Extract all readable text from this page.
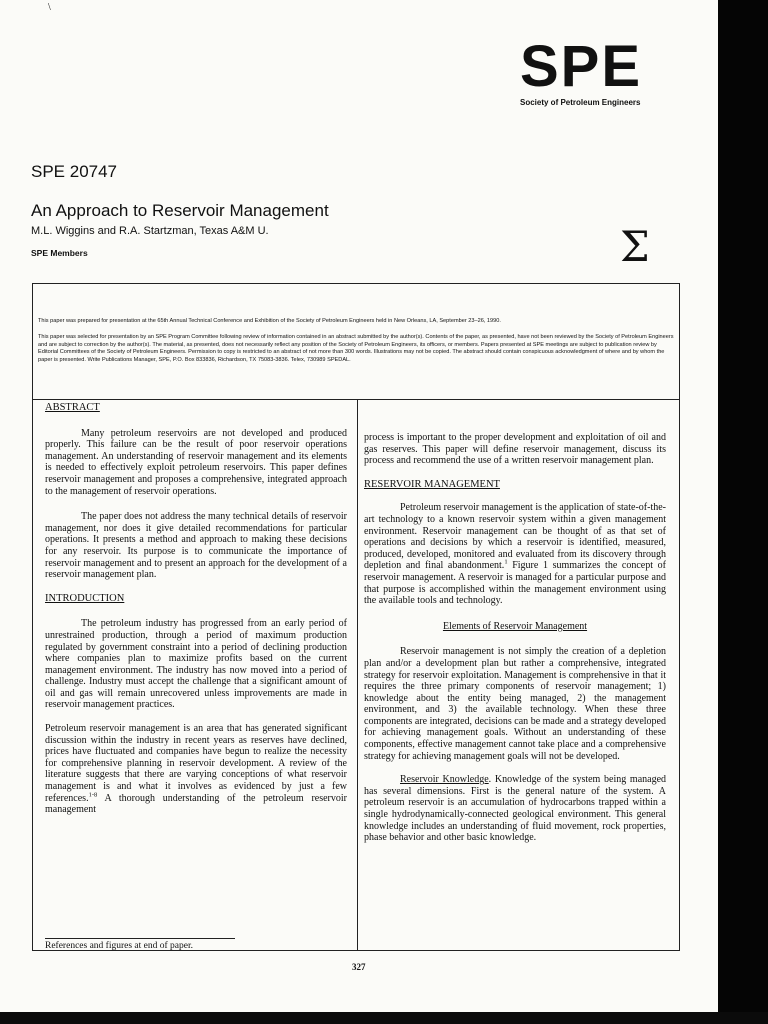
\
SPE
Society of Petroleum Engineers
SPE 20747
An Approach to Reservoir Management
M.L. Wiggins and R.A. Startzman, Texas A&M U.
SPE Members	Σ
This paper was prepared for presentation at the 65th Annual Technical Conference and Exhibition of the Society of Petroleum Engineers held in New Orleans, LA, September 23–26, 1990.
This paper was selected for presentation by an SPE Program Committee following review of information contained in an abstract submitted by the author(s). Contents of the paper, as presented, have not been reviewed by the Society of Petroleum Engineers and are subject to correction by the author(s). The material, as presented, does not necessarily reflect any position of the Society of Petroleum Engineers, its officers, or members. Papers presented at SPE meetings are subject to publication review by Editorial Committees of the Society of Petroleum Engineers. Permission to copy is restricted to an abstract of not more than 300 words. Illustrations may not be copied. The abstract should contain conspicuous acknowledgment of where and by whom the paper is presented. Write Publications Manager, SPE, P.O. Box 833836, Richardson, TX 75083-3836. Telex, 730989 SPEDAL.

ABSTRACT

Many petroleum reservoirs are not developed and produced properly. This failure can be the result of poor reservoir operations management. An understanding of reservoir management and its elements is needed to effectively exploit petroleum reservoirs. This paper defines reservoir management and proposes a comprehensive, integrated approach to the management of reservoir operations.

The paper does not address the many technical details of reservoir management, nor does it give detailed recommendations for particular operations. It presents a method and approach to making these decisions for any reservoir. Its purpose is to communicate the importance of reservoir management and to present an approach for the development of a reservoir management plan.

INTRODUCTION

The petroleum industry has progressed from an early period of unrestrained production, through a period of maximum production regulated by government constraint into a period of declining production where companies plan to maximize profits based on the current management environment. The industry has now moved into a period of challenge. Industry must accept the challenge that a significant amount of oil and gas will remain unrecovered unless improvements are made in reservoir management practices.

Petroleum reservoir management is an area that has generated significant discussion within the industry in recent years as reserves have declined, prices have fluctuated and companies have begun to realize the necessity for comprehensive planning in reservoir development. A review of the literature suggests that there are varying conceptions of what reservoir management is and what it involves as evidenced by just a few references.$^{1-8}$ A thorough understanding of the petroleum reservoir management

References and figures at end of paper.

process is important to the proper development and exploitation of oil and gas reserves. This paper will define reservoir management, discuss its process and recommend the use of a written reservoir management plan.

RESERVOIR MANAGEMENT

Petroleum reservoir management is the application of state-of-the-art technology to a known reservoir system within a given management environment. Reservoir management can be thought of as that set of operations and decisions by which a reservoir is identified, measured, produced, developed, monitored and evaluated from its discovery through depletion and final abandonment.$^1$ Figure 1 summarizes the concept of reservoir management. A reservoir is managed for a particular purpose and that purpose is accomplished within the management environment using the available tools and technology.

Elements of Reservoir Management

Reservoir management is not simply the creation of a depletion plan and/or a development plan but rather a comprehensive, integrated strategy for reservoir exploitation. Management is comprehensive in that it requires the three primary components of reservoir management; 1) knowledge about the entity being managed, 2) the management environment, and 3) the available technology. When these three components are integrated, decisions can be made and a strategy developed for achieving management goals. Without an understanding of these components, effective management cannot take place and a comprehensive strategy for achieving management goals will not be developed.

Reservoir Knowledge. Knowledge of the system being managed has several dimensions. First is the general nature of the system. A petroleum reservoir is an accumulation of hydrocarbons trapped within a single hydrodynamically-connected geological environment. This general knowledge includes an understanding of fluid movement, rock properties, phase behavior and other basic knowledge.

327
